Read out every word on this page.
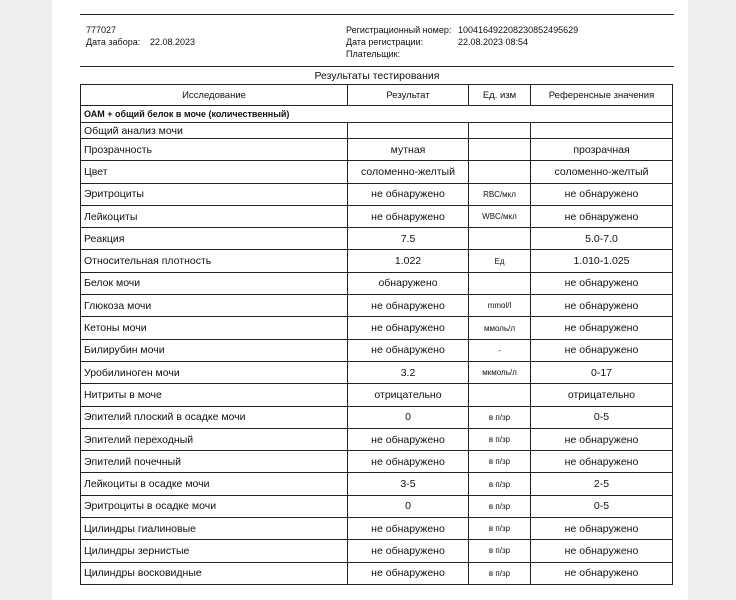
777027
Дата забора:	22.08.2023
Регистрационный номер: 100416492208230852495629
Дата регистрации:	22.08.2023 08:54
Плательщик:
Результаты тестирования
Исследование	Результат	Ед. изм	Референсные значения
ОАМ + общий белок в моче (количественный)			
Общий анализ мочи			
Прозрачность	мутная		прозрачная
Цвет	соломенно-желтый		соломенно-желтый
Эритроциты	не обнаружено	RBC/мкл	не обнаружено
Лейкоциты	не обнаружено	WBC/мкл	не обнаружено
Реакция	7.5		5.0-7.0
Относительная плотность	1.022	Ед	1.010-1.025
Белок мочи	обнаружено		не обнаружено
Глюкоза мочи	не обнаружено	mmol/l	не обнаружено
Кетоны мочи	не обнаружено	ммоль/л	не обнаружено
Билирубин мочи	не обнаружено	-	не обнаружено
Уробилиноген мочи	3.2	мкмоль/л	0-17
Нитриты в моче	отрицательно		отрицательно
Эпителий плоский в осадке мочи	0	в п/зр	0-5
Эпителий переходный	не обнаружено	в п/зр	не обнаружено
Эпителий почечный	не обнаружено	в п/зр	не обнаружено
Лейкоциты в осадке мочи	3-5	в п/зр	2-5
Эритроциты в осадке мочи	0	в п/зр	0-5
Цилиндры гиалиновые	не обнаружено	в п/зр	не обнаружено
Цилиндры зернистые	не обнаружено	в п/зр	не обнаружено
Цилиндры восковидные	не обнаружено	в п/зр	не обнаружено
